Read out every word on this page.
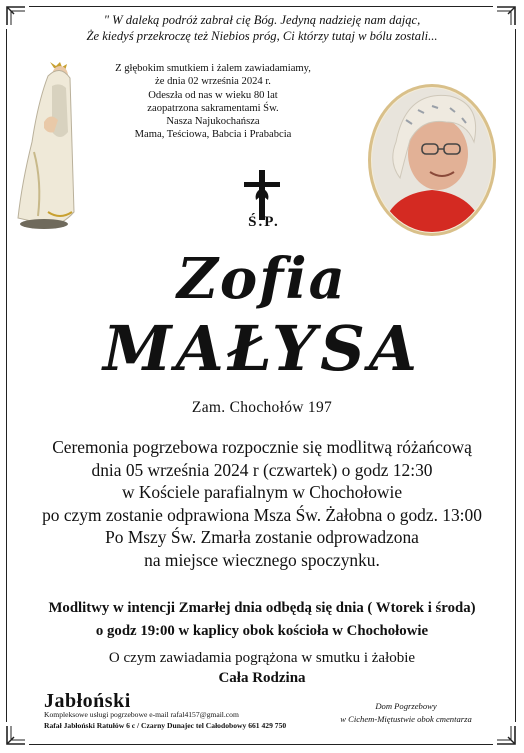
" W daleką podróż zabrał cię Bóg. Jedyną nadzieję nam dając,
Że kiedyś przekroczę też Niebios próg, Ci którzy tutaj w bólu zostali...
Z głębokim smutkiem i żalem zawiadamiamy,
że dnia 02 września 2024 r.
Odeszła od nas w wieku 80 lat
zaopatrzona sakramentami Św.
Nasza Najukochańsza
Mama, Teściowa, Babcia i Prababcia
Ś.P.
Zofia
MAŁYSA
Zam. Chochołów 197
Ceremonia pogrzebowa rozpocznie się modlitwą różańcową
dnia 05 września 2024 r (czwartek) o godz 12:30
w Kościele parafialnym w Chochołowie
po czym zostanie odprawiona Msza Św. Żałobna o godz. 13:00
Po Mszy Św. Zmarła zostanie odprowadzona
na miejsce wiecznego spoczynku.
Modlitwy w intencji Zmarłej dnia odbędą się dnia ( Wtorek i środa)
o godz 19:00 w kaplicy obok kościoła w Chochołowie
O czym zawiadamia pogrążona w smutku i żałobie
Cała Rodzina
Jabłoński
Kompleksowe usługi pogrzebowe e-mail rafal4157@gmail.com
Rafał Jabłoński Ratułów 6 c / Czarny Dunajec tel Całodobowy 661 429 750
Dom Pogrzebowy
w Cichem-Miętustwie obok cmentarza
